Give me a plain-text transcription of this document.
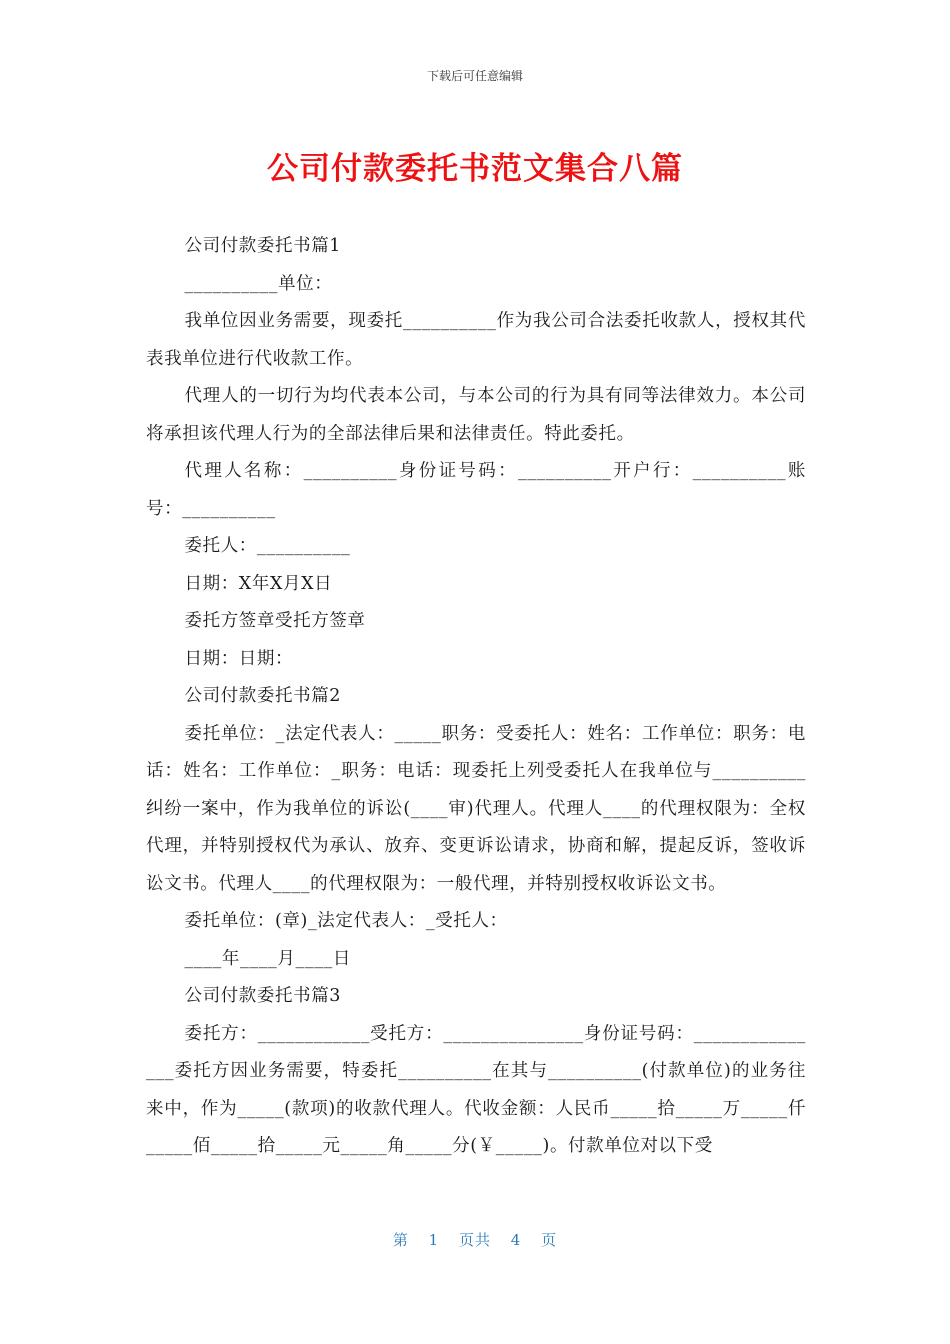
下载后可任意编辑
公司付款委托书范文集合八篇

公司付款委托书篇1

__________单位：

我单位因业务需要，现委托__________作为我公司合法委托收款人，授权其代表我单位进行代收款工作。

代理人的一切行为均代表本公司，与本公司的行为具有同等法律效力。本公司将承担该代理人行为的全部法律后果和法律责任。特此委托。

代理人名称：__________身份证号码：__________开户行：__________账号：__________

委托人：__________

日期：X年X月X日

委托方签章受托方签章

日期：日期：

公司付款委托书篇2

委托单位：_法定代表人：_____职务：受委托人：姓名：工作单位：职务：电话：姓名：工作单位：_职务：电话：现委托上列受委托人在我单位与__________纠纷一案中，作为我单位的诉讼(____审)代理人。代理人____的代理权限为：全权代理，并特别授权代为承认、放弃、变更诉讼请求，协商和解，提起反诉，签收诉讼文书。代理人____的代理权限为：一般代理，并特别授权收诉讼文书。

委托单位：(章)_法定代表人：_受托人：

____年____月____日

公司付款委托书篇3

委托方：____________受托方：_______________身份证号码：_______________委托方因业务需要，特委托__________在其与__________(付款单位)的业务往来中，作为_____(款项)的收款代理人。代收金额：人民币_____拾_____万_____仟_____佰_____拾_____元_____角_____分(￥_____)。付款单位对以下受

第 1 页共 4 页
